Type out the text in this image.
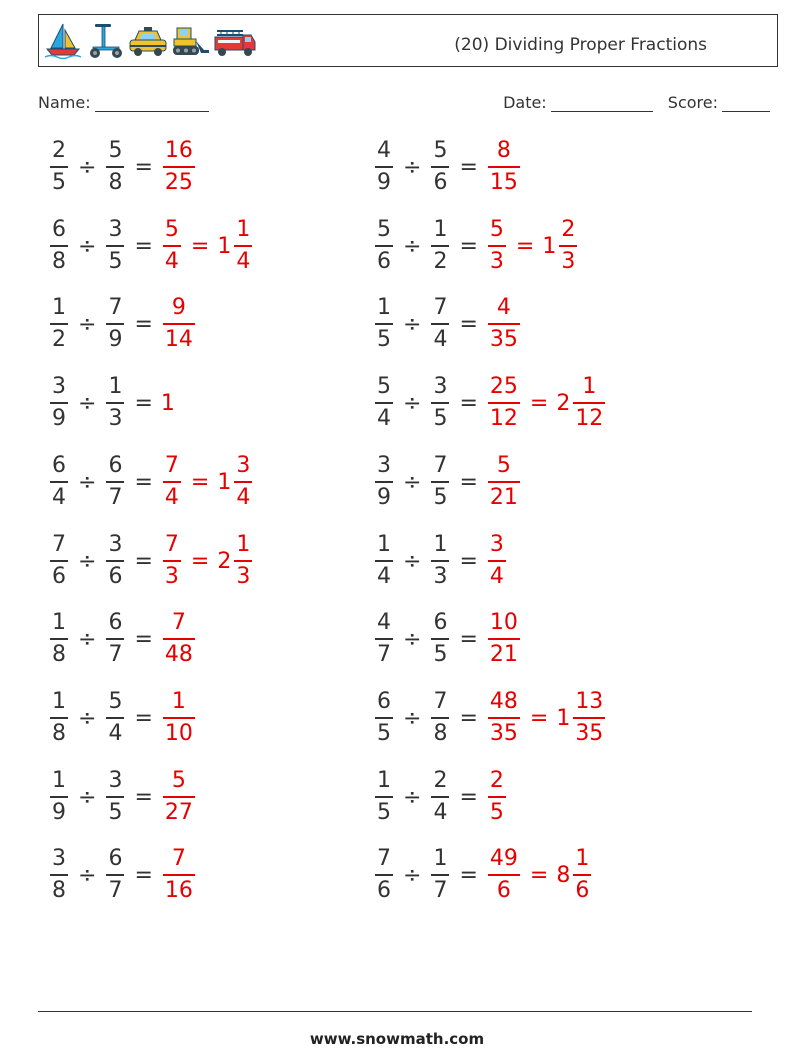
(20) Dividing Proper Fractions
Name:	Date:	Score:
$\frac{2}{5} \div \frac{5}{8} = \frac{16}{25}$	$\frac{4}{9} \div \frac{5}{6} = \frac{8}{15}$
$\frac{6}{8} \div \frac{3}{5} = \frac{5}{4} = 1 \frac{1}{4}$	$\frac{5}{6} \div \frac{1}{2} = \frac{5}{3} = 1 \frac{2}{3}$
$\frac{1}{2} \div \frac{7}{9} = \frac{9}{14}$	$\frac{1}{5} \div \frac{7}{4} = \frac{4}{35}$
$\frac{3}{9} \div \frac{1}{3} = 1$	$\frac{5}{4} \div \frac{3}{5} = \frac{25}{12} = 2 \frac{1}{12}$
$\frac{6}{4} \div \frac{6}{7} = \frac{7}{4} = 1 \frac{3}{4}$	$\frac{3}{9} \div \frac{7}{5} = \frac{5}{21}$
$\frac{7}{6} \div \frac{3}{6} = \frac{7}{3} = 2 \frac{1}{3}$	$\frac{1}{4} \div \frac{1}{3} = \frac{3}{4}$
$\frac{1}{8} \div \frac{6}{7} = \frac{7}{48}$	$\frac{4}{7} \div \frac{6}{5} = \frac{10}{21}$
$\frac{1}{8} \div \frac{5}{4} = \frac{1}{10}$	$\frac{6}{5} \div \frac{7}{8} = \frac{48}{35} = 1 \frac{13}{35}$
$\frac{1}{9} \div \frac{3}{5} = \frac{5}{27}$	$\frac{1}{5} \div \frac{2}{4} = \frac{2}{5}$
$\frac{3}{8} \div \frac{6}{7} = \frac{7}{16}$	$\frac{7}{6} \div \frac{1}{7} = \frac{49}{6} = 8 \frac{1}{6}$
www.snowmath.com
